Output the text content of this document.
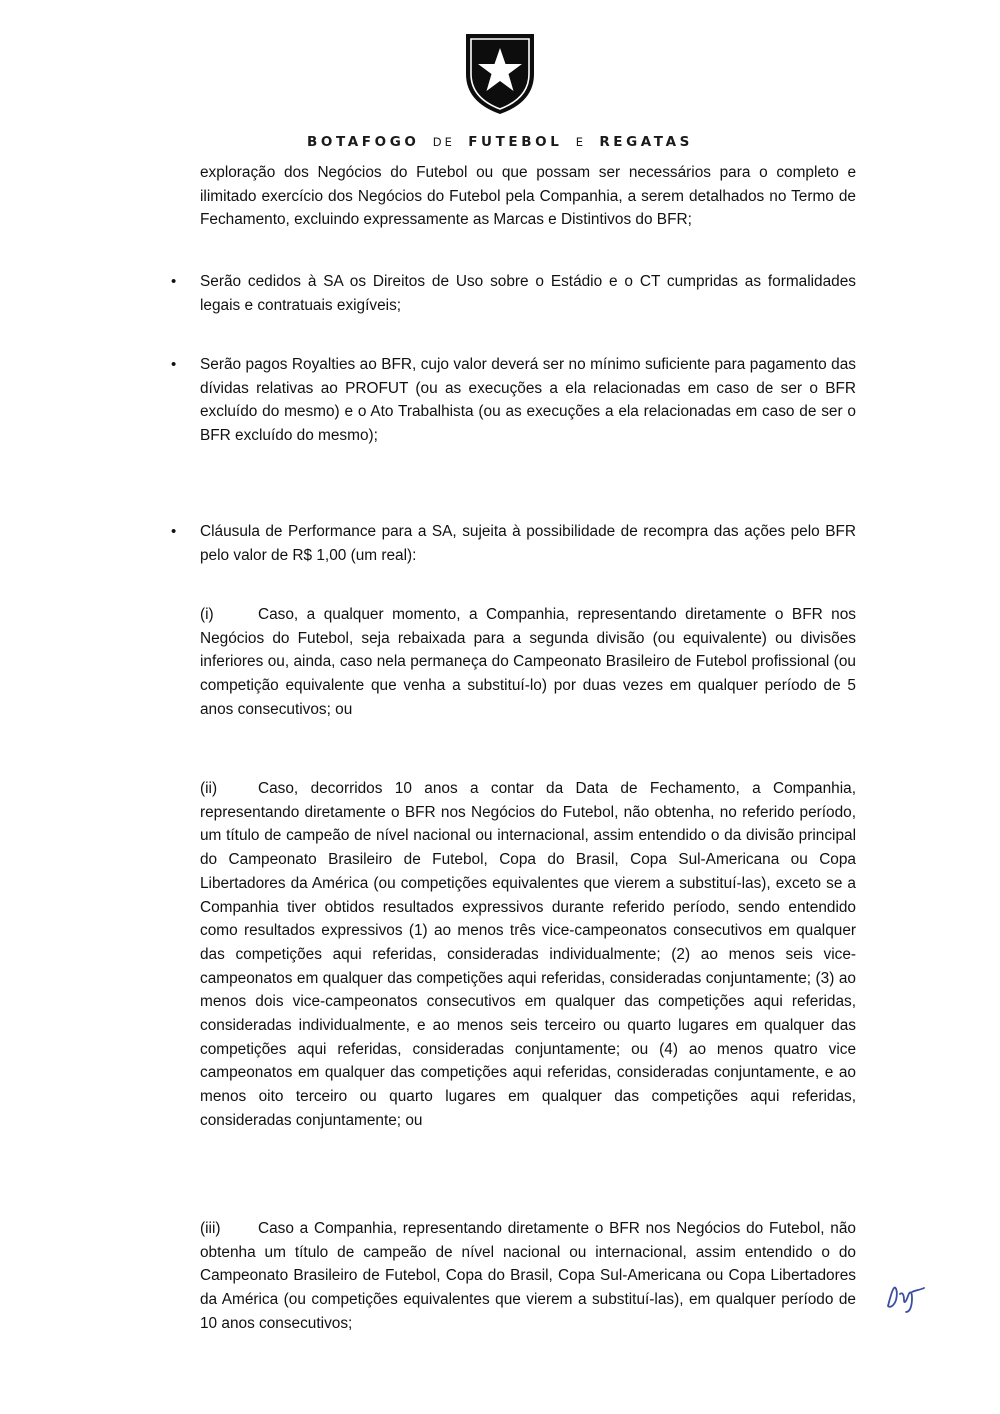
BOTAFOGO DE FUTEBOL E REGATAS

exploração dos Negócios do Futebol ou que possam ser necessários para o completo e ilimitado exercício dos Negócios do Futebol pela Companhia, a serem detalhados no Termo de Fechamento, excluindo expressamente as Marcas e Distintivos do BFR;

• Serão cedidos à SA os Direitos de Uso sobre o Estádio e o CT cumpridas as formalidades legais e contratuais exigíveis;

• Serão pagos Royalties ao BFR, cujo valor deverá ser no mínimo suficiente para pagamento das dívidas relativas ao PROFUT (ou as execuções a ela relacionadas em caso de ser o BFR excluído do mesmo) e o Ato Trabalhista (ou as execuções a ela relacionadas em caso de ser o BFR excluído do mesmo);

• Cláusula de Performance para a SA, sujeita à possibilidade de recompra das ações pelo BFR pelo valor de R$ 1,00 (um real):

(i)	Caso, a qualquer momento, a Companhia, representando diretamente o BFR nos Negócios do Futebol, seja rebaixada para a segunda divisão (ou equivalente) ou divisões inferiores ou, ainda, caso nela permaneça do Campeonato Brasileiro de Futebol profissional (ou competição equivalente que venha a substituí-lo) por duas vezes em qualquer período de 5 anos consecutivos; ou
(ii)	Caso, decorridos 10 anos a contar da Data de Fechamento, a Companhia, representando diretamente o BFR nos Negócios do Futebol, não obtenha, no referido período, um título de campeão de nível nacional ou internacional, assim entendido o da divisão principal do Campeonato Brasileiro de Futebol, Copa do Brasil, Copa Sul-Americana ou Copa Libertadores da América (ou competições equivalentes que vierem a substituí-las), exceto se a Companhia tiver obtidos resultados expressivos durante referido período, sendo entendido como resultados expressivos (1) ao menos três vice-campeonatos consecutivos em qualquer das competições aqui referidas, consideradas individualmente; (2) ao menos seis vice-campeonatos em qualquer das competições aqui referidas, consideradas conjuntamente; (3) ao menos dois vice-campeonatos consecutivos em qualquer das competições aqui referidas, consideradas individualmente, e ao menos seis terceiro ou quarto lugares em qualquer das competições aqui referidas, consideradas conjuntamente; ou (4) ao menos quatro vice campeonatos em qualquer das competições aqui referidas, consideradas conjuntamente, e ao menos oito terceiro ou quarto lugares em qualquer das competições aqui referidas, consideradas conjuntamente; ou
(iii) Caso a Companhia, representando diretamente o BFR nos Negócios do Futebol, não obtenha um título de campeão de nível nacional ou internacional, assim entendido o do Campeonato Brasileiro de Futebol, Copa do Brasil, Copa Sul-Americana ou Copa Libertadores da América (ou competições equivalentes que vierem a substituí-las), em qualquer período de 10 anos consecutivos;
